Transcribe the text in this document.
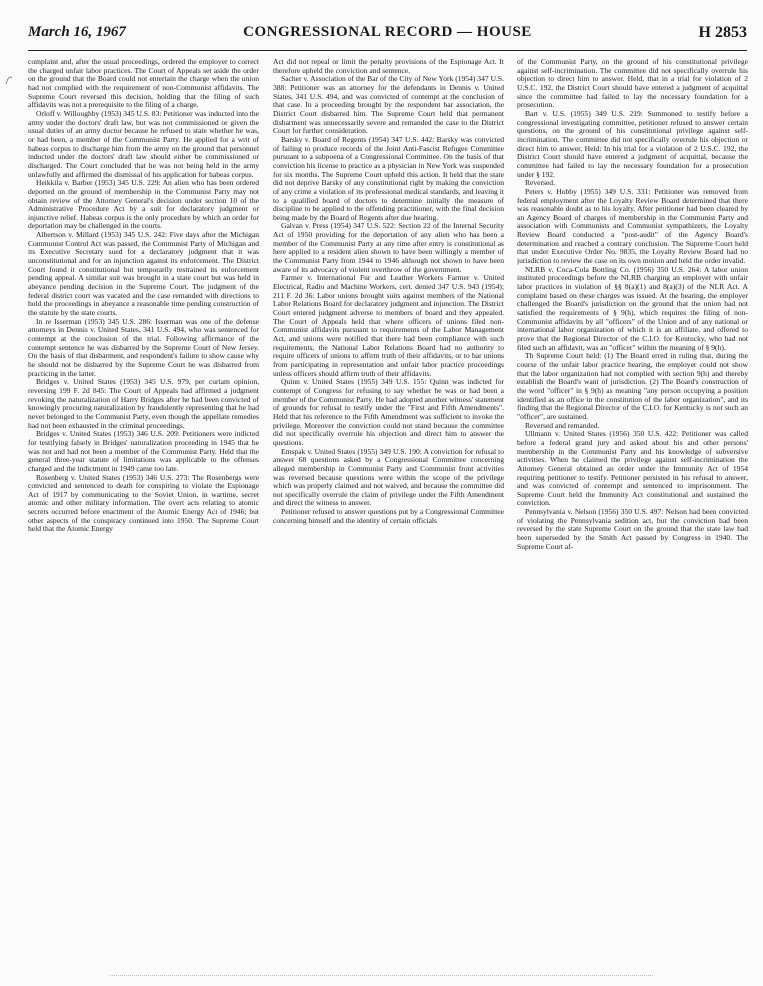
March 16, 1967	CONGRESSIONAL RECORD — HOUSE	H 2853

complaint and, after the usual proceedings, ordered the employer to correct the charged unfair labor practices. The Court of Appeals set aside the order on the ground that the Board could not entertain the charge when the union had not complied with the requirement of non-Communist affidavits. The Supreme Court reversed this decision, holding that the filing of such affidavits was not a prerequisite to the filing of a charge.

Orloff v. Willoughby (1953) 345 U.S. 83: Petitioner was inducted into the army under the doctors' draft law, but was not commissioned or given the usual duties of an army doctor because he refused to state whether he was, or had been, a member of the Communist Party. He applied for a writ of habeas corpus to discharge him from the army on the ground that personnel inducted under the doctors' draft law should either be commissioned or discharged. The Court concluded that he was not being held in the army unlawfully and affirmed the dismissal of his application for habeas corpus.

Heikkila v. Barber (1953) 345 U.S. 229: An alien who has been ordered deported on the ground of membership in the Communist Party may not obtain review of the Attorney General's decision under section 10 of the Administrative Procedure Act by a suit for declaratory judgment or injunctive relief. Habeas corpus is the only procedure by which an order for deportation may be challenged in the courts.

Albertson v. Millard (1953) 345 U.S. 242: Five days after the Michigan Communist Control Act was passed, the Communist Party of Michigan and its Executive Secretary sued for a declaratory judgment that it was unconstitutional and for an injunction against its enforcement. The District Court found it constitutional but temporarily restrained its enforcement pending appeal. A similar suit was brought in a state court but was held in abeyance pending decision in the Supreme Court. The judgment of the federal district court was vacated and the case remanded with directions to hold the proceedings in abeyance a reasonable time pending construction of the statute by the state courts.

In re Isserman (1953) 345 U.S. 286: Isserman was one of the defense attorneys in Dennis v. United States, 341 U.S. 494, who was sentenced for contempt at the conclusion of the trial. Following affirmance of the contempt sentence he was disbarred by the Supreme Court of New Jersey. On the basis of that disbarment, and respondent's failure to show cause why he should not be disbarred by the Supreme Court he was disbarred from practicing in the latter.

Bridges v. United States (1953) 345 U.S. 979, per curiam opinion, reversing 199 F. 2d 845: The Court of Appeals had affirmed a judgment revoking the naturalization of Harry Bridges after he had been convicted of knowingly procuring naturalization by fraudulently representing that he had never belonged to the Communist Party, even though the appellate remedies had not been exhausted in the criminal proceedings.

Bridges v. United States (1953) 346 U.S. 209: Petitioners were indicted for testifying falsely in Bridges' naturalization proceeding in 1945 that he was not and had not been a member of the Communist Party. Held that the general three-year statute of limitations was applicable to the offenses charged and the indictment in 1949 came too late.

Rosenberg v. United States (1953) 346 U.S. 273: The Rosenbergs were convicted and sentenced to death for conspiring to violate the Espionage Act of 1917 by communicating to the Soviet Union, in wartime, secret atomic and other military information. The overt acts relating to atomic secrets occurred before enactment of the Atomic Energy Act of 1946; but other aspects of the conspiracy continued into 1950. The Supreme Court held that the Atomic Energy

Act did not repeal or limit the penalty provisions of the Espionage Act. It therefore upheld the conviction and sentence.

Sacher v. Association of the Bar of the City of New York (1954) 347 U.S. 388: Petitioner was an attorney for the defendants in Dennis v. United States, 341 U.S. 494, and was convicted of contempt at the conclusion of that case. In a proceeding brought by the respondent bar association, the District Court disbarred him. The Supreme Court held that permanent disbarment was unnecessarily severe and remanded the case to the District Court for further consideration.

Barsky v. Board of Regents (1954) 347 U.S. 442: Barsky was convicted of failing to produce records of the Joint Anti-Fascist Refugee Committee pursuant to a subpoena of a Congressional Committee. On the basis of that conviction his license to practice as a physician in New York was suspended for six months. The Supreme Court upheld this action. It held that the state did not deprive Barsky of any constitutional right by making the conviction of any crime a violation of its professional medical standards, and leaving it to a qualified board of doctors to determine initially the measure of discipline to be applied to the offending practitioner, with the final decision being made by the Board of Regents after due hearing.

Galvan v. Press (1954) 347 U.S. 522: Section 22 of the Internal Security Act of 1950 providing for the deportation of any alien who has been a member of the Communist Party at any time after entry is constitutional as here applied to a resident alien shown to have been willingly a member of the Communist Party from 1944 to 1946 although not shown to have been aware of its advocacy of violent overthrow of the government.

Farmer v. International Fur and Leather Workers Farmer v. United Electrical, Radio and Machine Workers, cert. denied 347 U.S. 943 (1954); 211 F. 2d 36: Labor unions brought suits against members of the National Labor Relations Board for declaratory judgment and injunction. The District Court entered judgment adverse to members of board and they appealed. The Court of Appeals held that where officers of unions filed non-Communist affidavits pursuant to requirements of the Labor Management Act, and unions were notified that there had been compliance with such requirements, the National Labor Relations Board had no authority to require officers of unions to affirm truth of their affidavits, or to bar unions from participating in representation and unfair labor practice proceedings unless officers should affirm truth of their affidavits.

Quinn v. United States (1955) 349 U.S. 155: Quinn was indicted for contempt of Congress for refusing to say whether he was or had been a member of the Communist Party. He had adopted another witness' statement of grounds for refusal to testify under the "First and Fifth Amendments". Held that his reference to the Fifth Amendment was sufficient to invoke the privilege. Moreover the conviction could not stand because the committee did not specifically overrule his objection and direct him to answer the questions.

Emspak v. United States (1955) 349 U.S. 190: A conviction for refusal to answer 68 questions asked by a Congressional Committee concerning alleged membership in Communist Party and Communist front activities was reversed because questions were within the scope of the privilege which was properly claimed and not waived, and because the committee did not specifically overrule the claim of privilege under the Fifth Amendment and direct the witness to answer.

Petitioner refused to answer questions put by a Congressional Committee concerning himself and the identity of certain officials

of the Communist Party, on the ground of his constitutional privilege against self-incrimination. The committee did not specifically overrule his objection to direct him to answer. Held, that in a trial for violation of 2 U.S.C. 192, the District Court should have entered a judgment of acquittal since the committee had failed to lay the necessary foundation for a prosecution.

Bart v. U.S. (1955) 349 U.S. 219: Summoned to testify before a congressional investigating committee, petitioner refused to answer certain questions, on the ground of his constitutional privilege against self-incrimination. The committee did not specifically overrule his objection or direct him to answer. Held: In his trial for a violation of 2 U.S.C. 192, the District Court should have entered a judgment of acquittal, because the committee had failed to lay the necessary foundation for a prosecution under § 192.

Reversed.

Peters v. Hobby (1955) 349 U.S. 331: Petitioner was removed from federal employment after the Loyalty Review Board determined that there was reasonable doubt as to his loyalty. After petitioner had been cleared by an Agency Board of charges of membership in the Communist Party and association with Communists and Communist sympathizers, the Loyalty Review Board conducted a "post-audit" of the Agency Board's determination and reached a contrary conclusion. The Supreme Court held that under Executive Order No. 9835, the Loyalty Review Board had no jurisdiction to review the case on its own motion and held the order invalid.

NLRB v. Coca-Cola Bottling Co. (1956) 350 U.S. 264: A labor union instituted proceedings before the NLRB charging an employer with unfair labor practices in violation of §§ 8(a)(1) and 8(a)(3) of the NLR Act. A complaint based on these charges was issued. At the hearing, the employer challenged the Board's jurisdiction on the ground that the union had not satisfied the requirements of § 9(h), which requires the filing of non-Communist affidavits by all "officers" of the Union and of any national or international labor organization of which it is an affiliate, and offered to prove that the Regional Director of the C.I.O. for Kentucky, who had not filed such an affidavit, was an "officer" within the meaning of § 9(h).

Th Supreme Court held: (1) The Board erred in ruling that, during the course of the unfair labor practice hearing, the employer could not show that the labor organization had not complied with section 9(h) and thereby establish the Board's want of jurisdiction. (2) The Board's construction of the word "officer" in § 9(h) as meaning "any person occupying a position identified as an office in the constitution of the labor organization", and its finding that the Regional Director of the C.I.O. for Kentucky is not such an "officer", are sustained.

Reversed and remanded.

Ullmann v. United States (1956) 350 U.S. 422: Petitioner was called before a federal grand jury and asked about his and other persons' membership in the Communist Party and his knowledge of subversive activities. When he claimed the privilege against self-incrimination the Attorney General obtained an order under the Immunity Act of 1954 requiring petitioner to testify. Petitioner persisted in his refusal to answer, and was convicted of contempt and sentenced to imprisonment. The Supreme Court held the Immunity Act constitutional and sustained the conviction.

Pennsylvania v. Nelson (1956) 350 U.S. 497: Nelson had been convicted of violating the Pennsylvania sedition act, but the conviction had been reversed by the state Supreme Court on the ground that the state law had been superseded by the Smith Act passed by Congress in 1940. The Supreme Court af-
